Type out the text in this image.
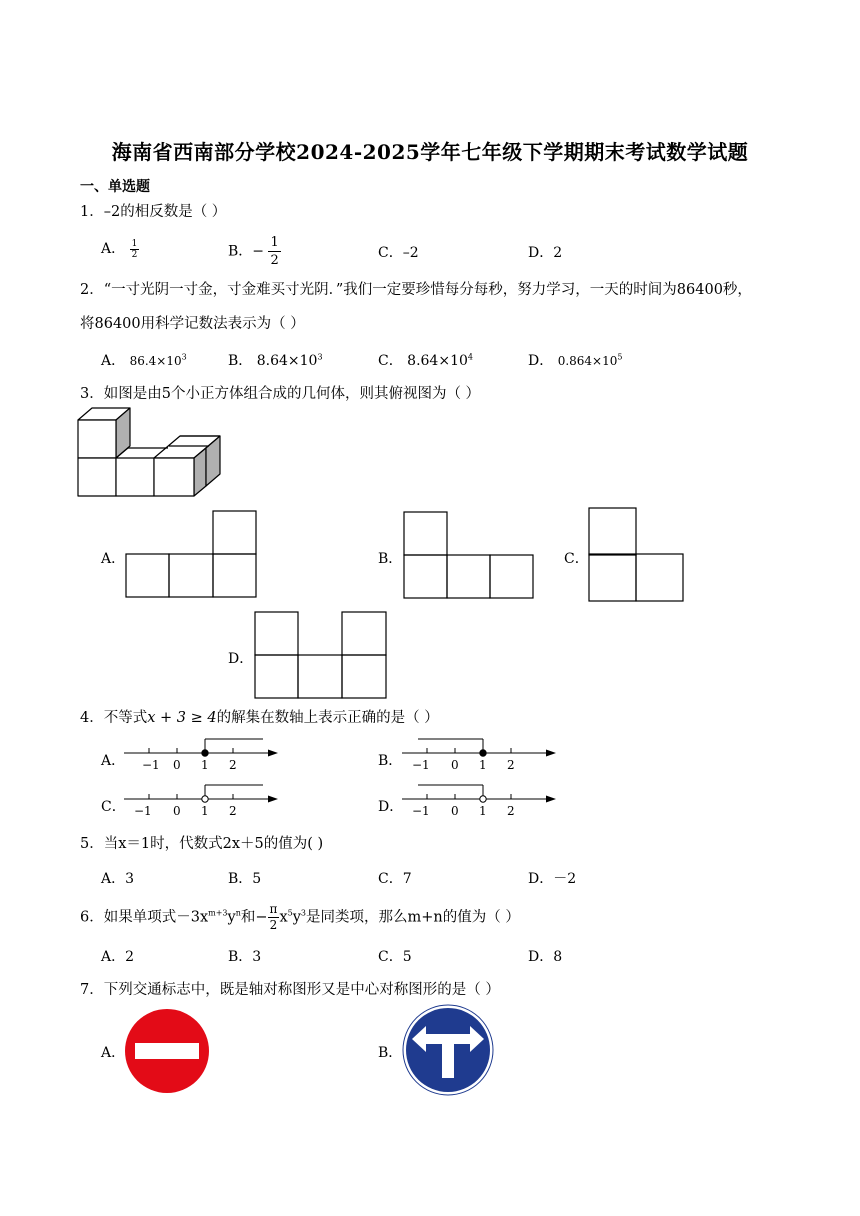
海南省西南部分学校2024-2025学年七年级下学期期末考试数学试题
一、单选题
1．–2的相反数是（ ）
A． $\frac{1}{2}$	B．− $\frac{1}{2}$	C．–2	D．2
2．“一寸光阴一寸金，寸金难买寸光阴．”我们一定要珍惜每分每秒，努力学习，一天的时间为86400秒，
将86400用科学记数法表示为（ ）
A． $86.4\times 10^3$	B． $8.64\times 10^3$	C． $8.64\times 10^4$	D． $0.864\times 10^5$
3．如图是由5个小正方体组合成的几何体，则其俯视图为（ ）
A．	B．	C．
D．
4．不等式x + 3 ≥ 4的解集在数轴上表示正确的是（ ）
A． −1 0 1 2	B． −1 0 1 2
C． −1 0 1 2	D． −1 0 1 2
5．当x＝1时，代数式2x＋5的值为( )
A．3	B．5	C．7	D．－2
6．如果单项式$-3x^{m+3}y^n$和− $\frac{\pi}{2} x^5y^3$是同类项，那么m+n的值为（ ）
A．2	B．3	C．5	D．8
7．下列交通标志中，既是轴对称图形又是中心对称图形的是（ ）
A．	B．
